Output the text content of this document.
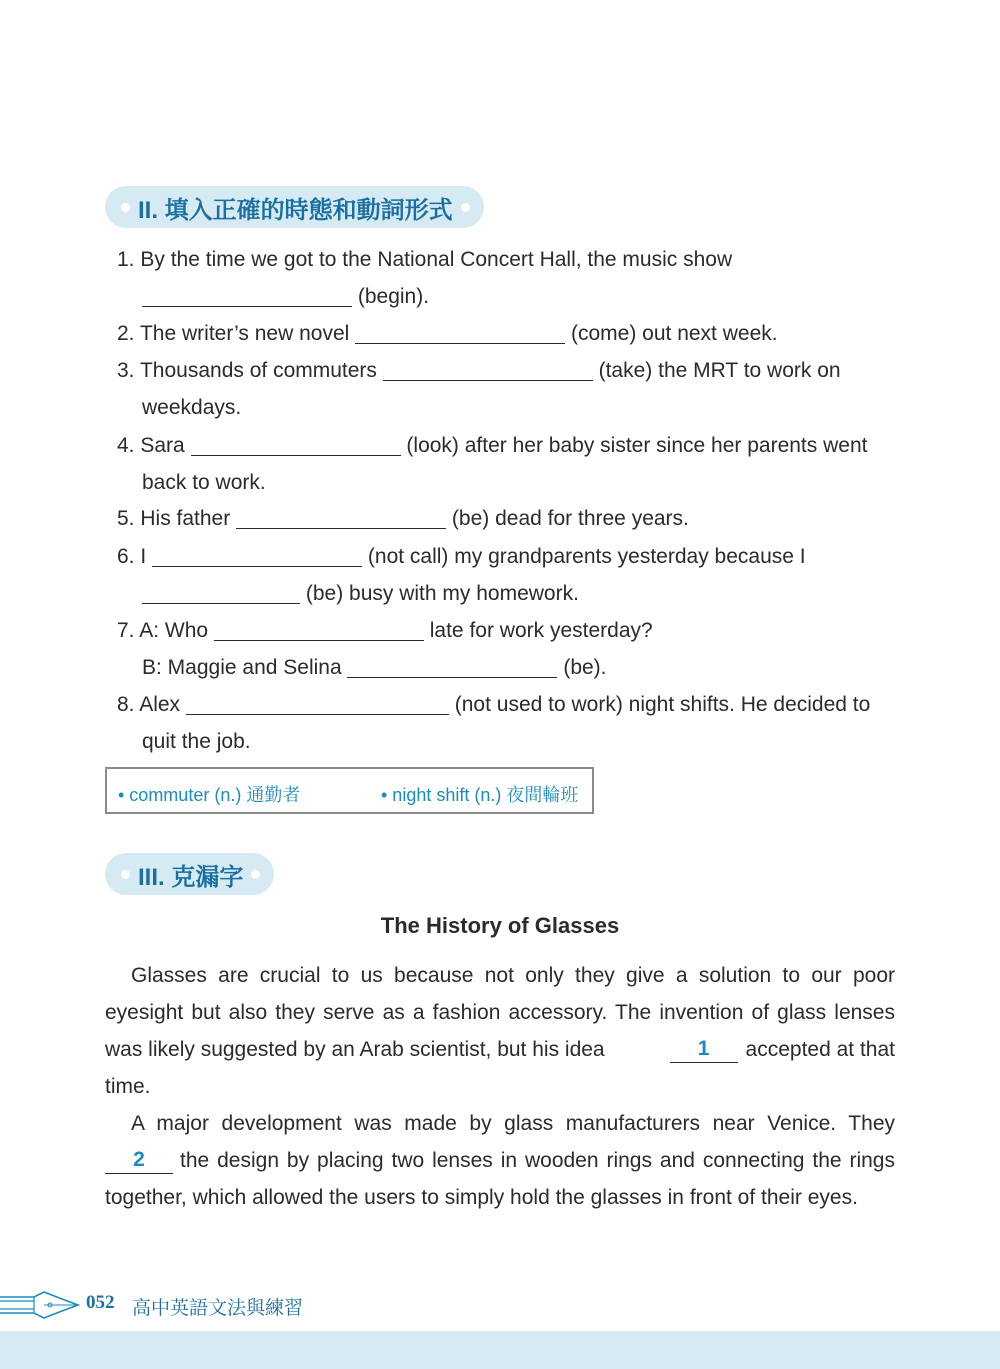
II. 填入正確的時態和動詞形式
1. By the time we got to the National Concert Hall, the music show
(begin).
2. The writer’s new novel	(come) out next week.
3. Thousands of commuters	(take) the MRT to work on
weekdays.
4. Sara	(look) after her baby sister since her parents went
back to work.
5. His father	(be) dead for three years.
6. I	(not call) my grandparents yesterday because I
(be) busy with my homework.
7. A: Who	late for work yesterday?
B: Maggie and Selina	(be).
8. Alex	(not used to work) night shifts. He decided to
quit the job.
• commuter (n.) 通勤者	• night shift (n.) 夜間輪班
III. 克漏字
The History of Glasses
Glasses are crucial to us because not only they give a solution to our poor
eyesight but also they serve as a fashion accessory. The invention of glass lenses
was likely suggested by an Arab scientist, but his idea	1	accepted at that
time.
A major development was made by glass manufacturers near Venice. They
2	the design by placing two lenses in wooden rings and connecting the rings
together, which allowed the users to simply hold the glasses in front of their eyes.
052 高中英語文法與練習
